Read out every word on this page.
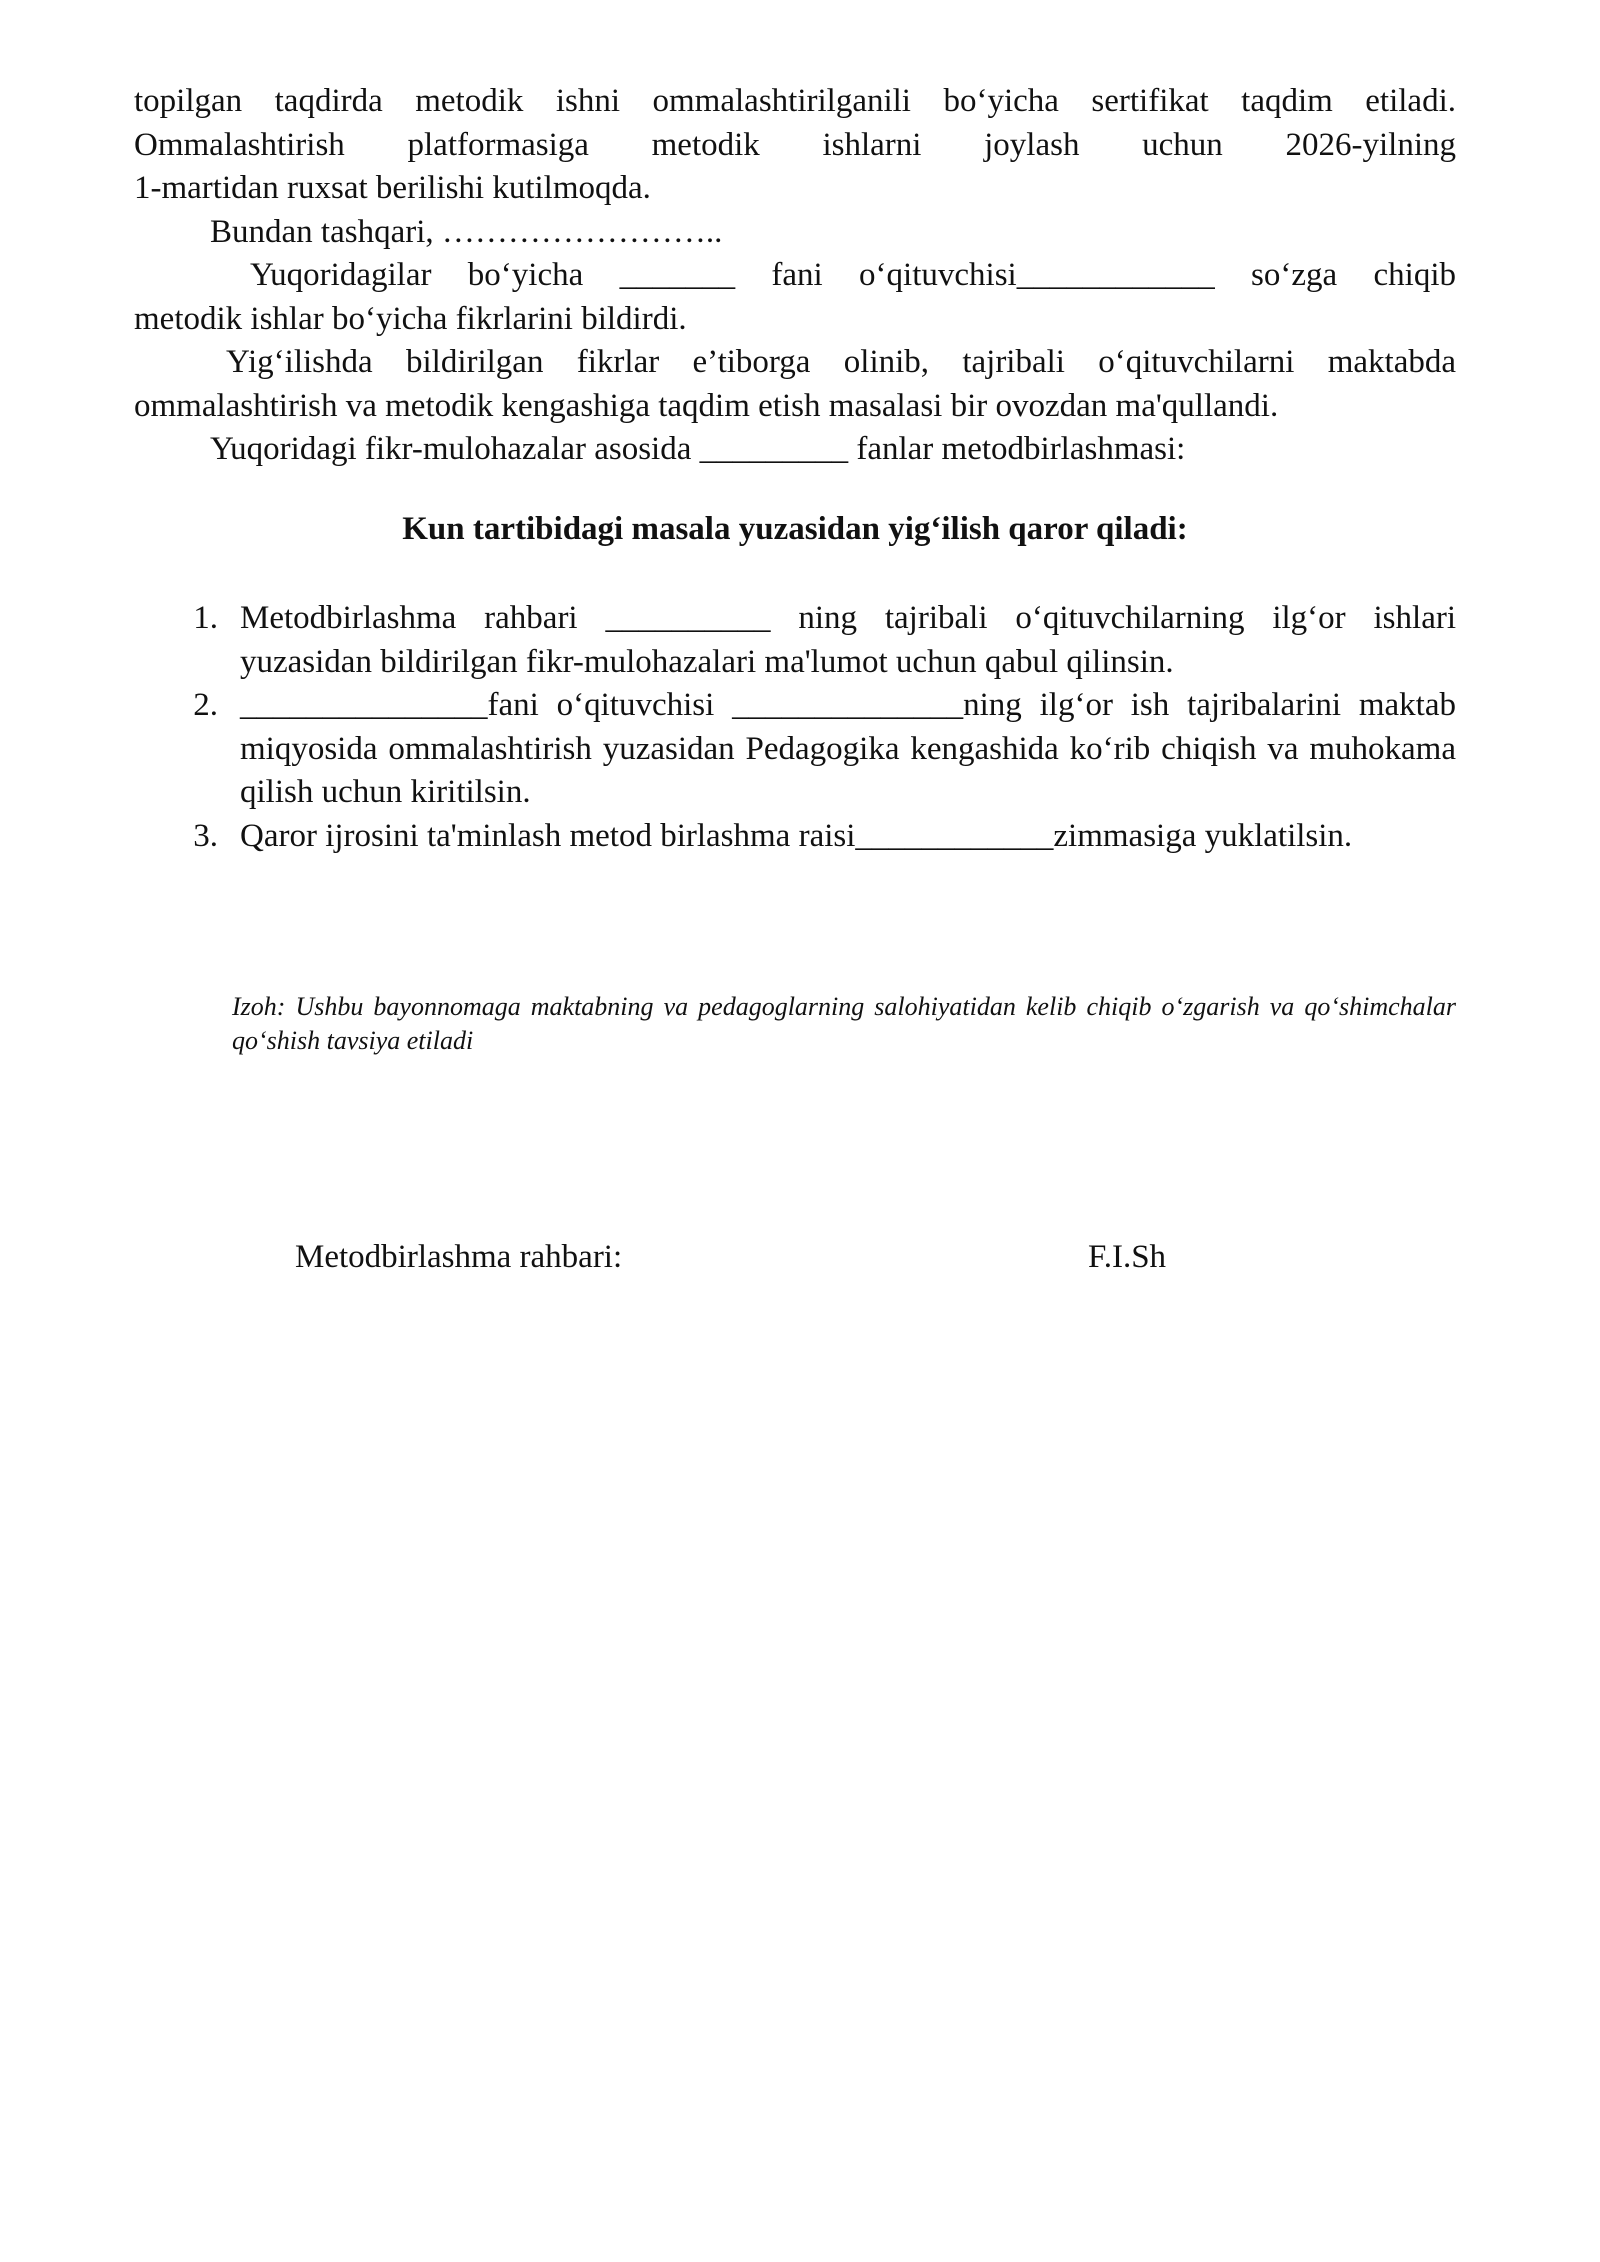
topilgan taqdirda metodik ishni ommalashtirilganili bo‘yicha sertifikat taqdim etiladi.

Ommalashtirish platformasiga metodik ishlarni joylash uchun 2026-yilning

1-martidan ruxsat berilishi kutilmoqda.

Bundan tashqari, ……………………..

Yuqoridagilar bo‘yicha _______ fani o‘qituvchisi____________ so‘zga chiqib

metodik ishlar bo‘yicha fikrlarini bildirdi.

Yig‘ilishda bildirilgan fikrlar e’tiborga olinib, tajribali o‘qituvchilarni maktabda

ommalashtirish va metodik kengashiga taqdim etish masalasi bir ovozdan ma'qullandi.

Yuqoridagi fikr-mulohazalar asosida _________ fanlar metodbirlashmasi:

Kun tartibidagi masala yuzasidan yig‘ilish qaror qiladi:
1. Metodbirlashma rahbari __________ ning tajribali o‘qituvchilarning ilg‘or ishlari yuzasidan bildirilgan fikr-mulohazalari ma'lumot uchun qabul qilinsin.
2. _______________fani o‘qituvchisi ______________ning ilg‘or ish tajribalarini maktab miqyosida ommalashtirish yuzasidan Pedagogika kengashida ko‘rib chiqish va muhokama qilish uchun kiritilsin.
3. Qaror ijrosini ta'minlash metod birlashma raisi____________zimmasiga yuklatilsin.
Izoh: Ushbu bayonnomaga maktabning va pedagoglarning salohiyatidan kelib chiqib o‘zgarish va qo‘shimchalar qo‘shish tavsiya etiladi
Metodbirlashma rahbari:	F.I.Sh
